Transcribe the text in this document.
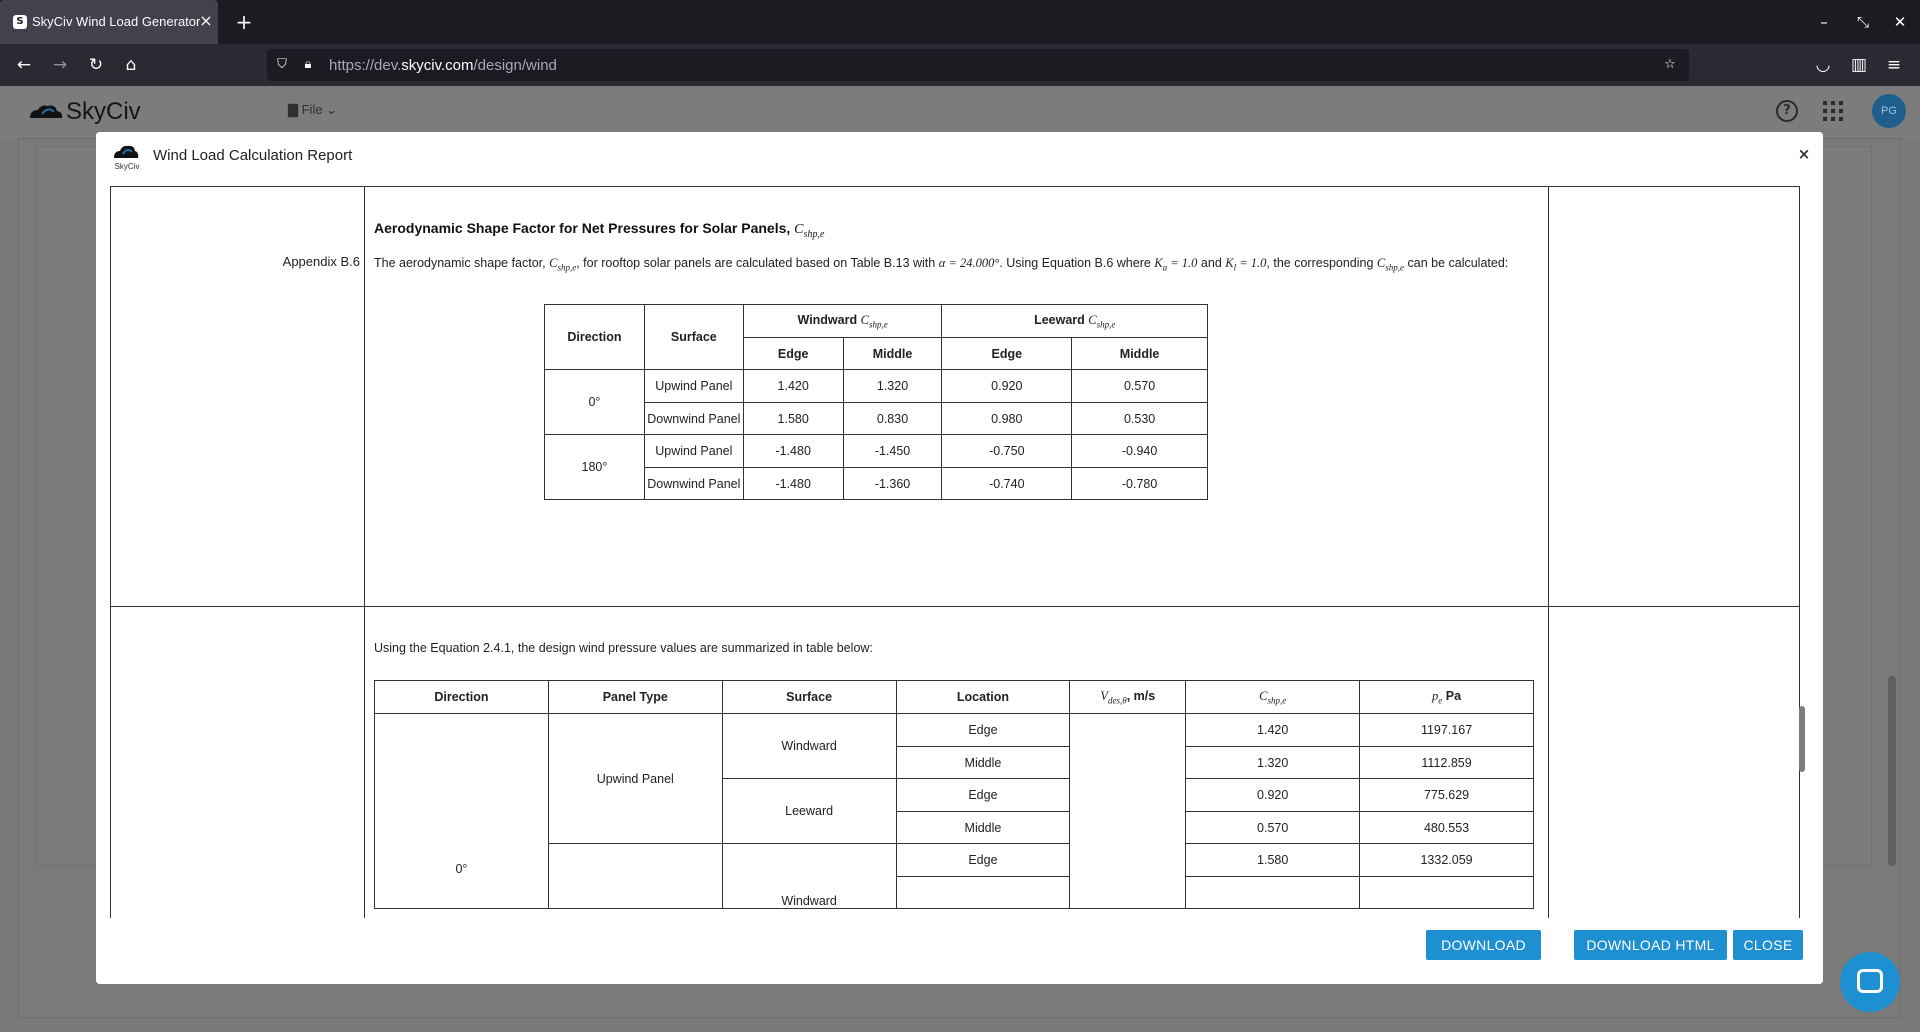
S SkyCiv Wind Load Generator
× +	–	⤡ ✕
← → ↻	⌂	⛉	🔒︎	https://dev.skyciv.com/design/wind	☆	◡ ▥ ≡
SkyCiv	▇ File ⌄	?	PG
SkyCiv
Wind Load Calculation Report	×
Aerodynamic Shape Factor for Net Pressures for Solar Panels, $C_{shp,e}$
Appendix B.6 The aerodynamic shape factor, $C_{shp,e}$, for rooftop solar panels are calculated based on Table B.13 with α = 24.000°. Using Equation B.6 where $K_a = 1.0$ and $K_l = 1.0$, the corresponding $C_{shp,e}$ can be calculated:
Direction	Surface	Windward $C_{shp,e}$		Leeward $C_{shp,e}$
		Edge	Middle	Edge	Middle
0°	Upwind Panel	1.420	1.320	0.920	0.570
	Downwind Panel	1.580	0.830	0.980	0.530
180°	Upwind Panel	-1.480	-1.450	-0.750	-0.940
	Downwind Panel	-1.480	-1.360	-0.740	-0.780
Using the Equation 2.4.1, the design wind pressure values are summarized in table below:
Direction	Panel Type	Surface	Location	$V_{des,\theta}$, m/s	$C_{shp,e}$	$p_e$ Pa
0°	Upwind Panel	Windward	Edge		1.420	1197.167
			Middle		1.320	1112.859
		Leeward	Edge		0.920	775.629
			Middle		0.570	480.553
		Windward	Edge		1.580	1332.059

DOWNLOAD PDF
DOWNLOAD HTML	CLOSE
